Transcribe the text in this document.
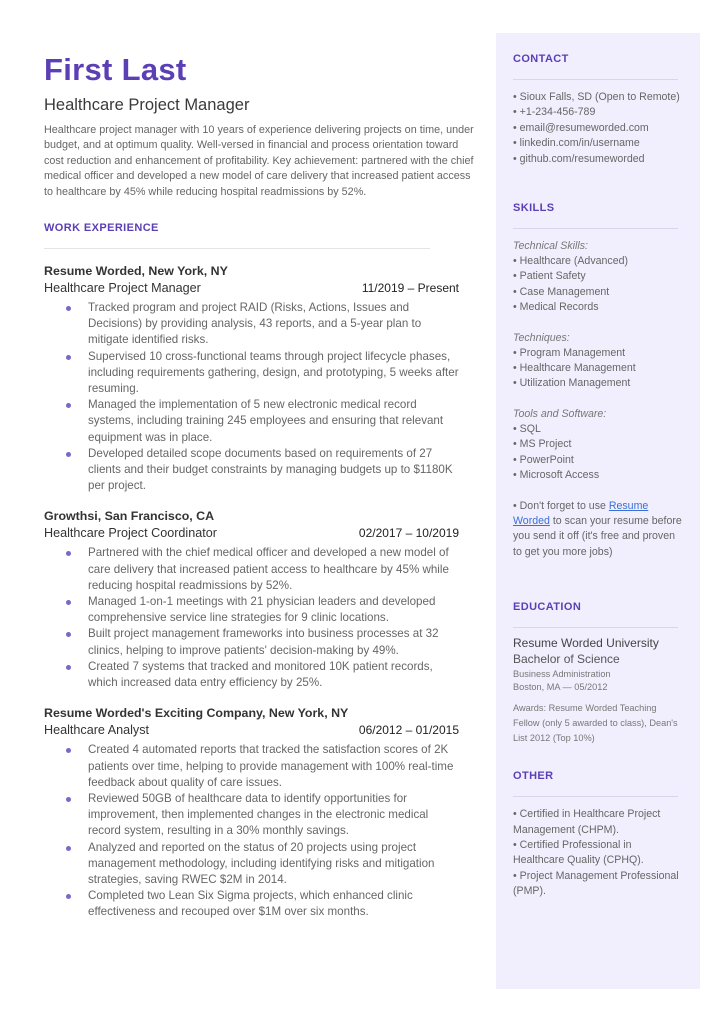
First Last
Healthcare Project Manager

Healthcare project manager with 10 years of experience delivering projects on time, under budget, and at optimum quality. Well-versed in financial and process orientation toward cost reduction and enhancement of profitability. Key achievement: partnered with the chief medical officer and developed a new model of care delivery that increased patient access to healthcare by 45% while reducing hospital readmissions by 52%.

WORK EXPERIENCE
Resume Worded, New York, NY
Healthcare Project Manager	11/2019 – Present
Tracked program and project RAID (Risks, Actions, Issues and Decisions) by providing analysis, 43 reports, and a 5-year plan to mitigate identified risks.
Supervised 10 cross-functional teams through project lifecycle phases, including requirements gathering, design, and prototyping, 5 weeks after resuming.
Managed the implementation of 5 new electronic medical record systems, including training 245 employees and ensuring that relevant equipment was in place.
Developed detailed scope documents based on requirements of 27 clients and their budget constraints by managing budgets up to $1180K per project.
Growthsi, San Francisco, CA
Healthcare Project Coordinator	02/2017 – 10/2019
Partnered with the chief medical officer and developed a new model of care delivery that increased patient access to healthcare by 45% while reducing hospital readmissions by 52%.
Managed 1-on-1 meetings with 21 physician leaders and developed comprehensive service line strategies for 9 clinic locations.
Built project management frameworks into business processes at 32 clinics, helping to improve patients' decision-making by 49%.
Created 7 systems that tracked and monitored 10K patient records, which increased data entry efficiency by 25%.
Resume Worded's Exciting Company, New York, NY
Healthcare Analyst	06/2012 – 01/2015
Created 4 automated reports that tracked the satisfaction scores of 2K patients over time, helping to provide management with 100% real-time feedback about quality of care issues.
Reviewed 50GB of healthcare data to identify opportunities for improvement, then implemented changes in the electronic medical record system, resulting in a 30% monthly savings.
Analyzed and reported on the status of 20 projects using project management methodology, including identifying risks and mitigation strategies, saving RWEC $2M in 2014.
Completed two Lean Six Sigma projects, which enhanced clinic effectiveness and recouped over $1M over six months.
CONTACT
• Sioux Falls, SD (Open to Remote)
• +1-234-456-789
• email@resumeworded.com
• linkedin.com/in/username
• github.com/resumeworded
SKILLS
Technical Skills:
• Healthcare (Advanced)
• Patient Safety
• Case Management
• Medical Records
Techniques:
• Program Management
• Healthcare Management
• Utilization Management
Tools and Software:
• SQL
• MS Project
• PowerPoint
• Microsoft Access

• Don't forget to use Resume Worded to scan your resume before you send it off (it's free and proven to get you more jobs)

EDUCATION
Resume Worded University
Bachelor of Science
Business Administration
Boston, MA — 05/2012
Awards: Resume Worded Teaching Fellow (only 5 awarded to class), Dean's List 2012 (Top 10%)
OTHER
• Certified in Healthcare Project Management (CHPM).
• Certified Professional in Healthcare Quality (CPHQ).
• Project Management Professional (PMP).
